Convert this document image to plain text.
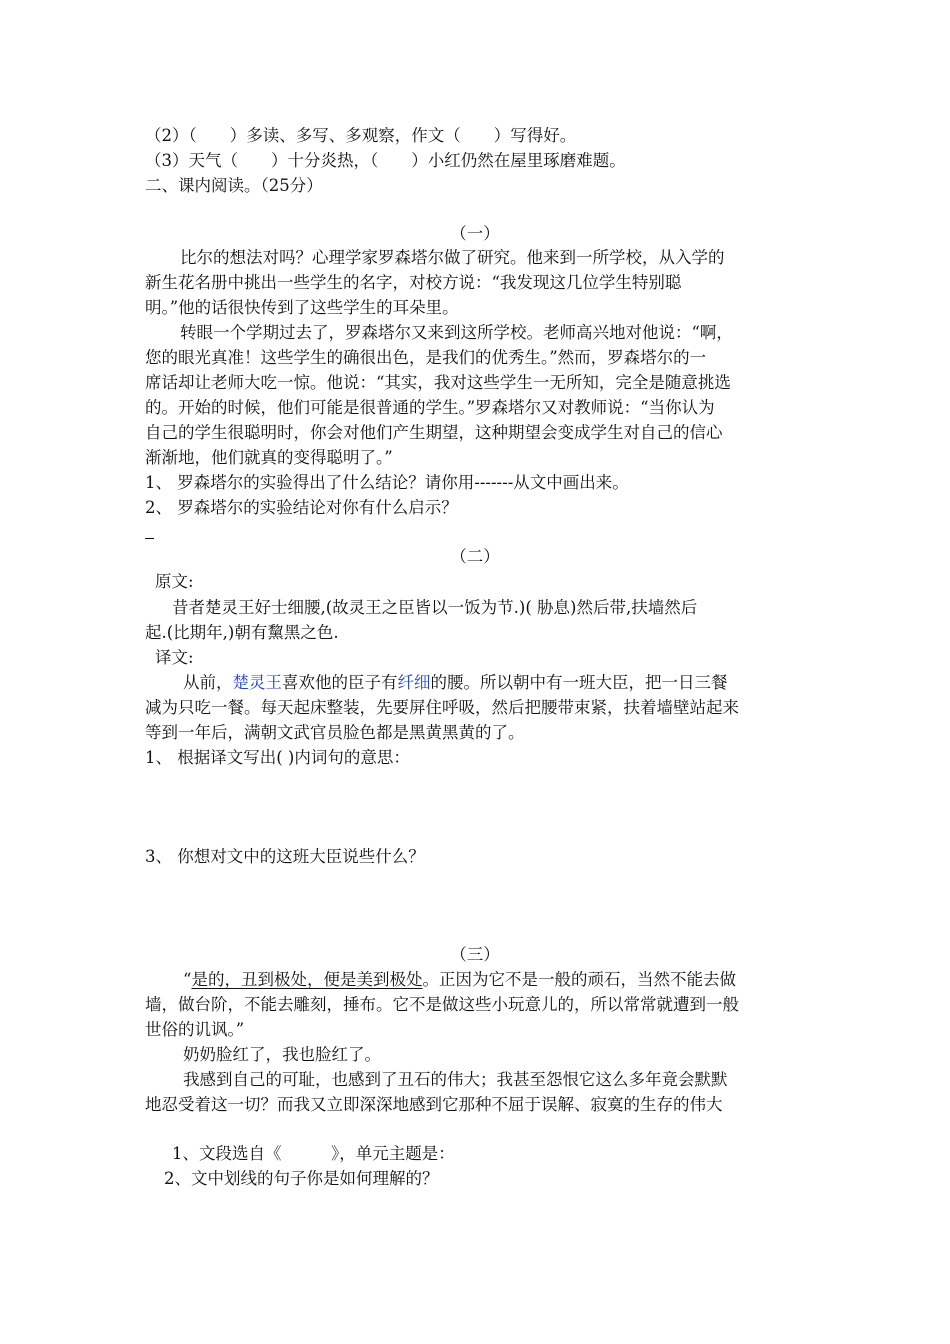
（2）（　　）多读、多写、多观察，作文（　　）写得好。
（3）天气（　　）十分炎热，（　　）小红仍然在屋里琢磨难题。
二、课内阅读。（25分）
（一）
比尔的想法对吗？心理学家罗森塔尔做了研究。他来到一所学校，从入学的
新生花名册中挑出一些学生的名字，对校方说：“我发现这几位学生特别聪
明。”他的话很快传到了这些学生的耳朵里。
转眼一个学期过去了，罗森塔尔又来到这所学校。老师高兴地对他说：“啊，
您的眼光真准！这些学生的确很出色，是我们的优秀生。”然而，罗森塔尔的一
席话却让老师大吃一惊。他说：“其实，我对这些学生一无所知，完全是随意挑选
的。开始的时候，他们可能是很普通的学生。”罗森塔尔又对教师说：“当你认为
自己的学生很聪明时，你会对他们产生期望，这种期望会变成学生对自己的信心
渐渐地，他们就真的变得聪明了。”
1、 罗森塔尔的实验得出了什么结论？请你用-------从文中画出来。
2、 罗森塔尔的实验结论对你有什么启示？
（二）
原文:
昔者楚灵王好士细腰,(故灵王之臣皆以一饭为节.)( 胁息)然后带,扶墙然后
起.(比期年,)朝有黧黑之色.
译文:
从前，楚灵王喜欢他的臣子有纤细的腰。所以朝中有一班大臣，把一日三餐
减为只吃一餐。每天起床整装，先要屏住呼吸，然后把腰带束紧，扶着墙壁站起来
等到一年后，满朝文武官员脸色都是黑黄黑黄的了。
1、 根据译文写出( )内词句的意思：
3、 你想对文中的这班大臣说些什么？
（三）
“是的，丑到极处，便是美到极处。正因为它不是一般的顽石，当然不能去做
墙，做台阶，不能去雕刻，捶布。它不是做这些小玩意儿的，所以常常就遭到一般
世俗的讥讽。”
奶奶脸红了，我也脸红了。
我感到自己的可耻，也感到了丑石的伟大；我甚至怨恨它这么多年竟会默默
地忍受着这一切？而我又立即深深地感到它那种不屈于误解、寂寞的生存的伟大
1、文段选自《　　　》，单元主题是：
2、文中划线的句子你是如何理解的？
